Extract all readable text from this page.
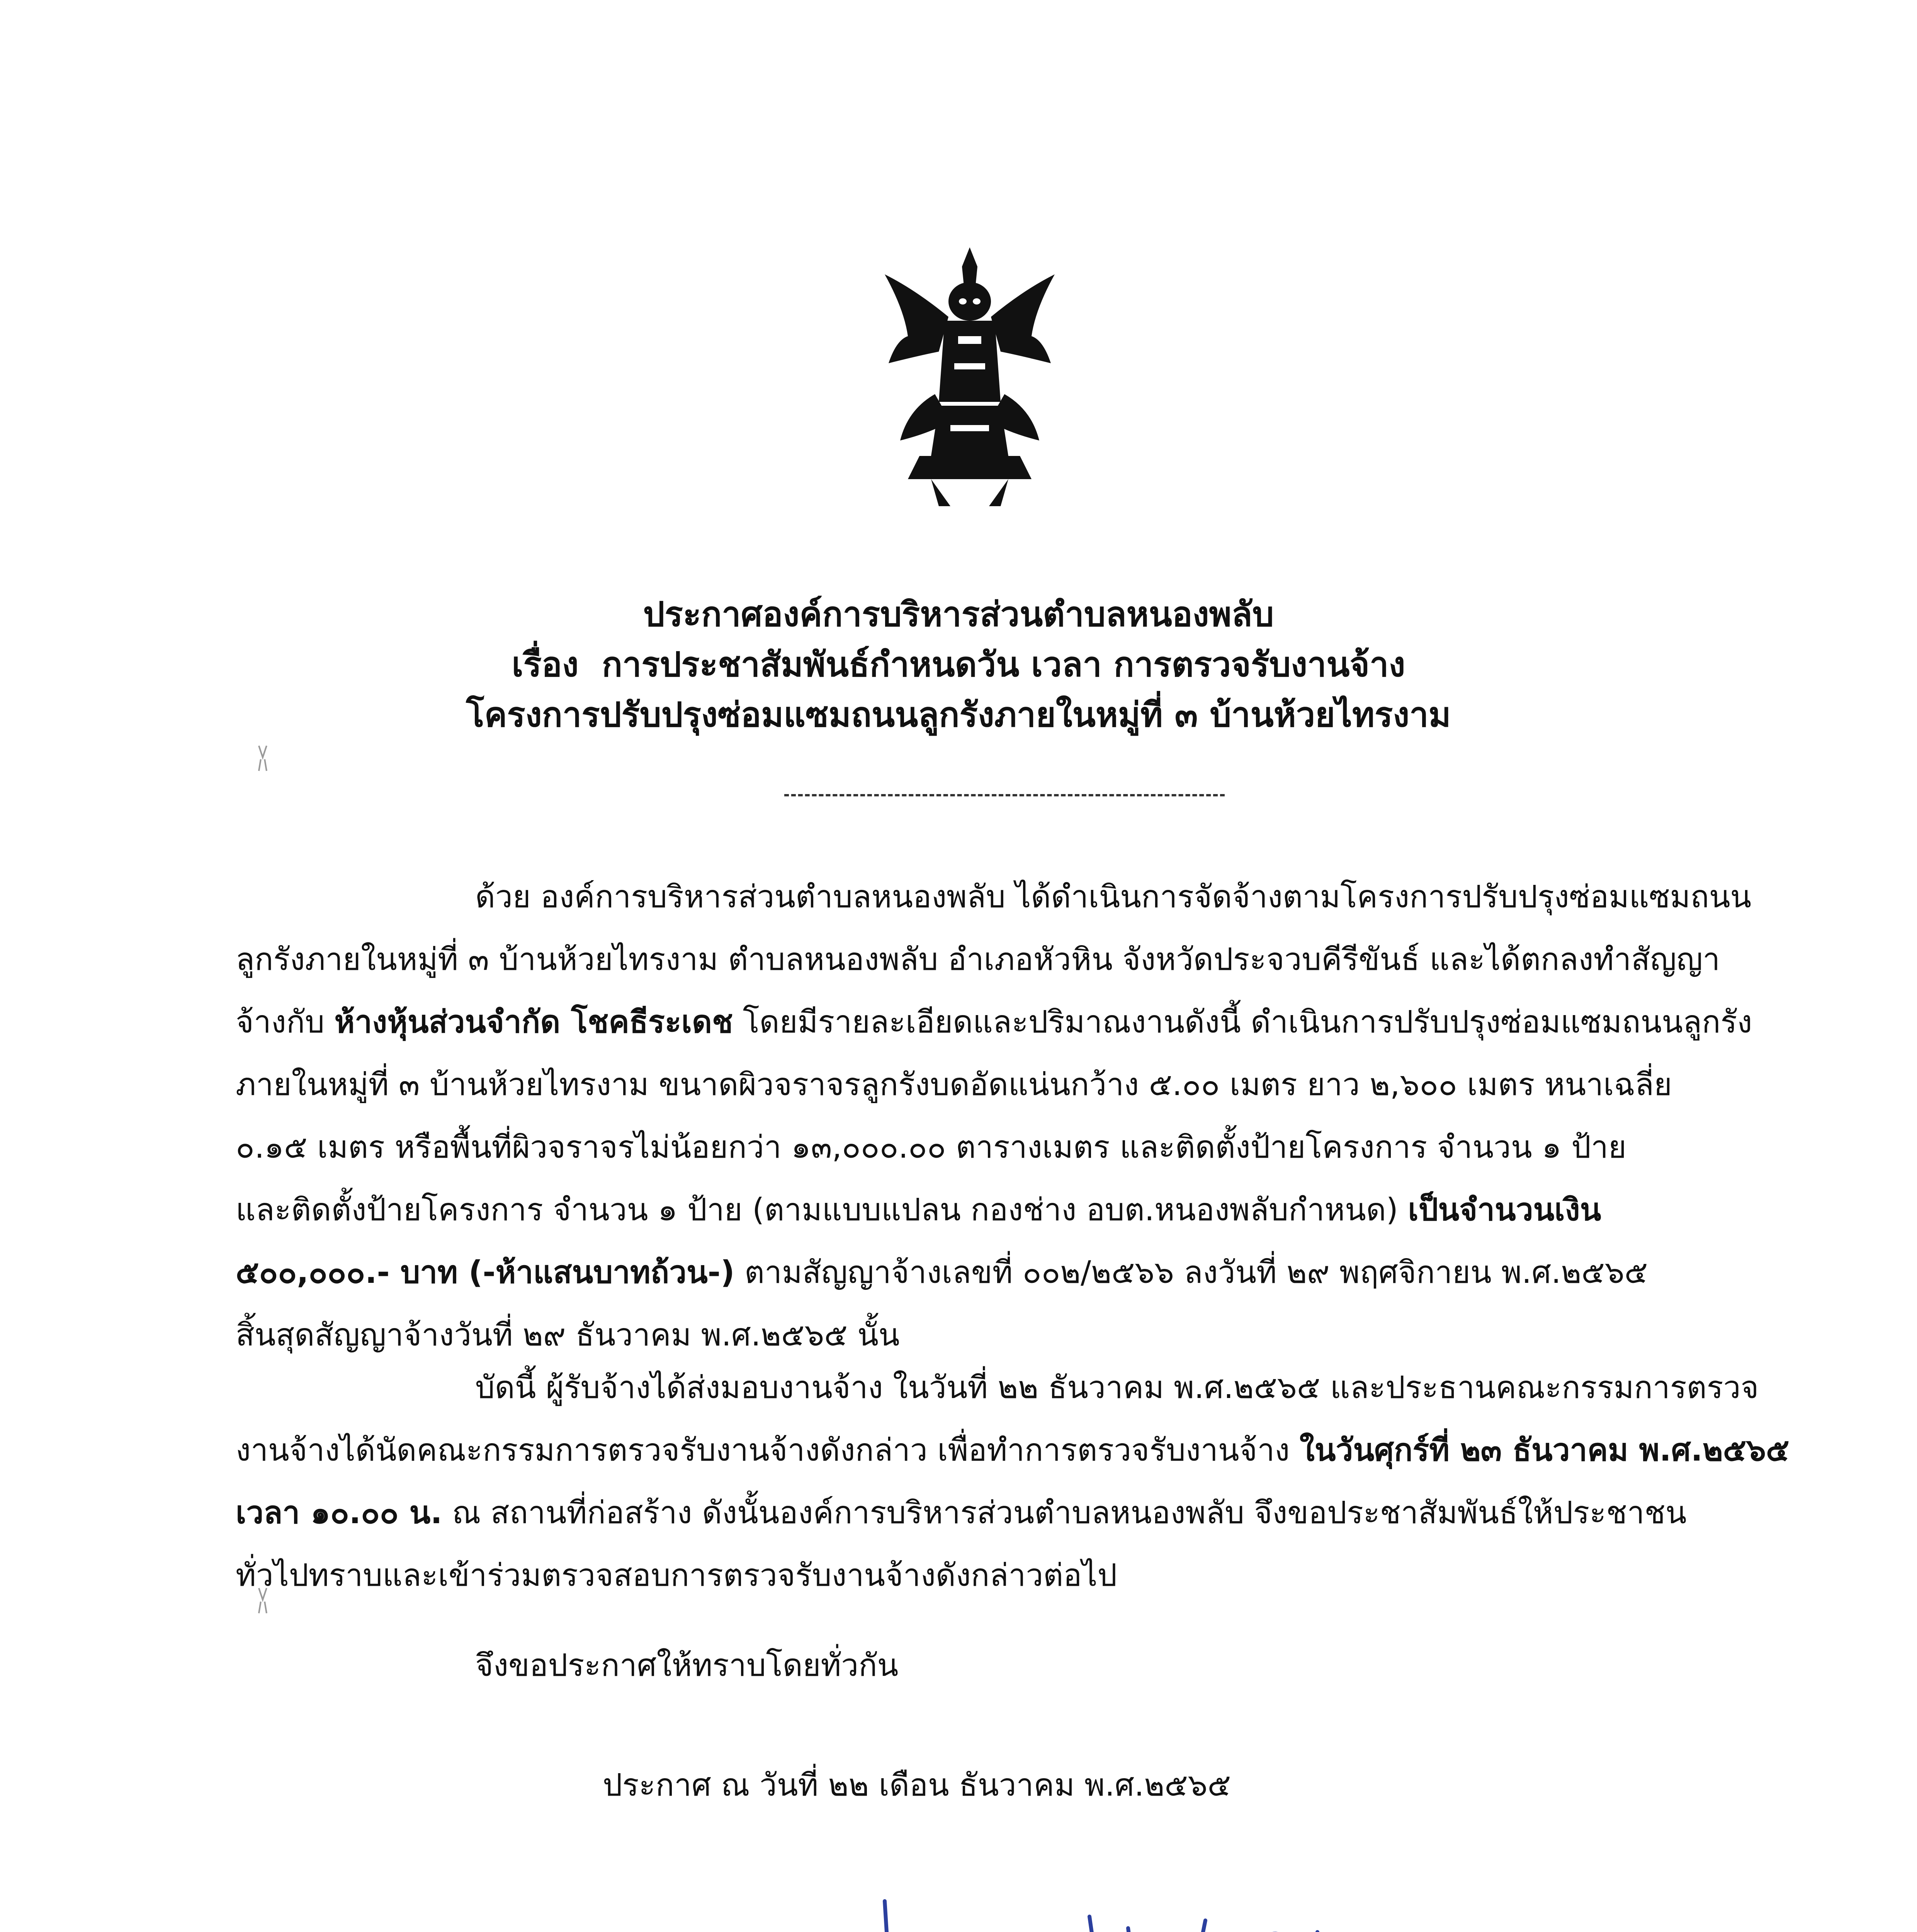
ประกาศองค์การบริหารส่วนตำบลหนองพลับ
เรื่อง การประชาสัมพันธ์กำหนดวัน เวลา การตรวจรับงานจ้าง
โครงการปรับปรุงซ่อมแซมถนนลูกรังภายในหมู่ที่ ๓ บ้านห้วยไทรงาม
ด้วย องค์การบริหารส่วนตำบลหนองพลับ ได้ดำเนินการจัดจ้างตามโครงการปรับปรุงซ่อมแซมถนน
ลูกรังภายในหมู่ที่ ๓ บ้านห้วยไทรงาม ตำบลหนองพลับ อำเภอหัวหิน จังหวัดประจวบคีรีขันธ์ และได้ตกลงทำสัญญา
จ้างกับ ห้างหุ้นส่วนจำกัด โชคธีระเดช โดยมีรายละเอียดและปริมาณงานดังนี้ ดำเนินการปรับปรุงซ่อมแซมถนนลูกรัง
ภายในหมู่ที่ ๓ บ้านห้วยไทรงาม ขนาดผิวจราจรลูกรังบดอัดแน่นกว้าง ๕.๐๐ เมตร ยาว ๒,๖๐๐ เมตร หนาเฉลี่ย
๐.๑๕ เมตร หรือพื้นที่ผิวจราจรไม่น้อยกว่า ๑๓,๐๐๐.๐๐ ตารางเมตร และติดตั้งป้ายโครงการ จำนวน ๑ ป้าย
และติดตั้งป้ายโครงการ จำนวน ๑ ป้าย (ตามแบบแปลน กองช่าง อบต.หนองพลับกำหนด) เป็นจำนวนเงิน
๕๐๐,๐๐๐.- บาท (-ห้าแสนบาทถ้วน-) ตามสัญญาจ้างเลขที่ ๐๐๒/๒๕๖๖ ลงวันที่ ๒๙ พฤศจิกายน พ.ศ.๒๕๖๕
สิ้นสุดสัญญาจ้างวันที่ ๒๙ ธันวาคม พ.ศ.๒๕๖๕ นั้น
บัดนี้ ผู้รับจ้างได้ส่งมอบงานจ้าง ในวันที่ ๒๒ ธันวาคม พ.ศ.๒๕๖๕ และประธานคณะกรรมการตรวจ
งานจ้างได้นัดคณะกรรมการตรวจรับงานจ้างดังกล่าว เพื่อทำการตรวจรับงานจ้าง ในวันศุกร์ที่ ๒๓ ธันวาคม พ.ศ.๒๕๖๕
เวลา ๑๐.๐๐ น. ณ สถานที่ก่อสร้าง ดังนั้นองค์การบริหารส่วนตำบลหนองพลับ จึงขอประชาสัมพันธ์ให้ประชาชน
ทั่วไปทราบและเข้าร่วมตรวจสอบการตรวจรับงานจ้างดังกล่าวต่อไป
จึงขอประกาศให้ทราบโดยทั่วกัน
ประกาศ ณ วันที่ ๒๒ เดือน ธันวาคม พ.ศ.๒๕๖๕
